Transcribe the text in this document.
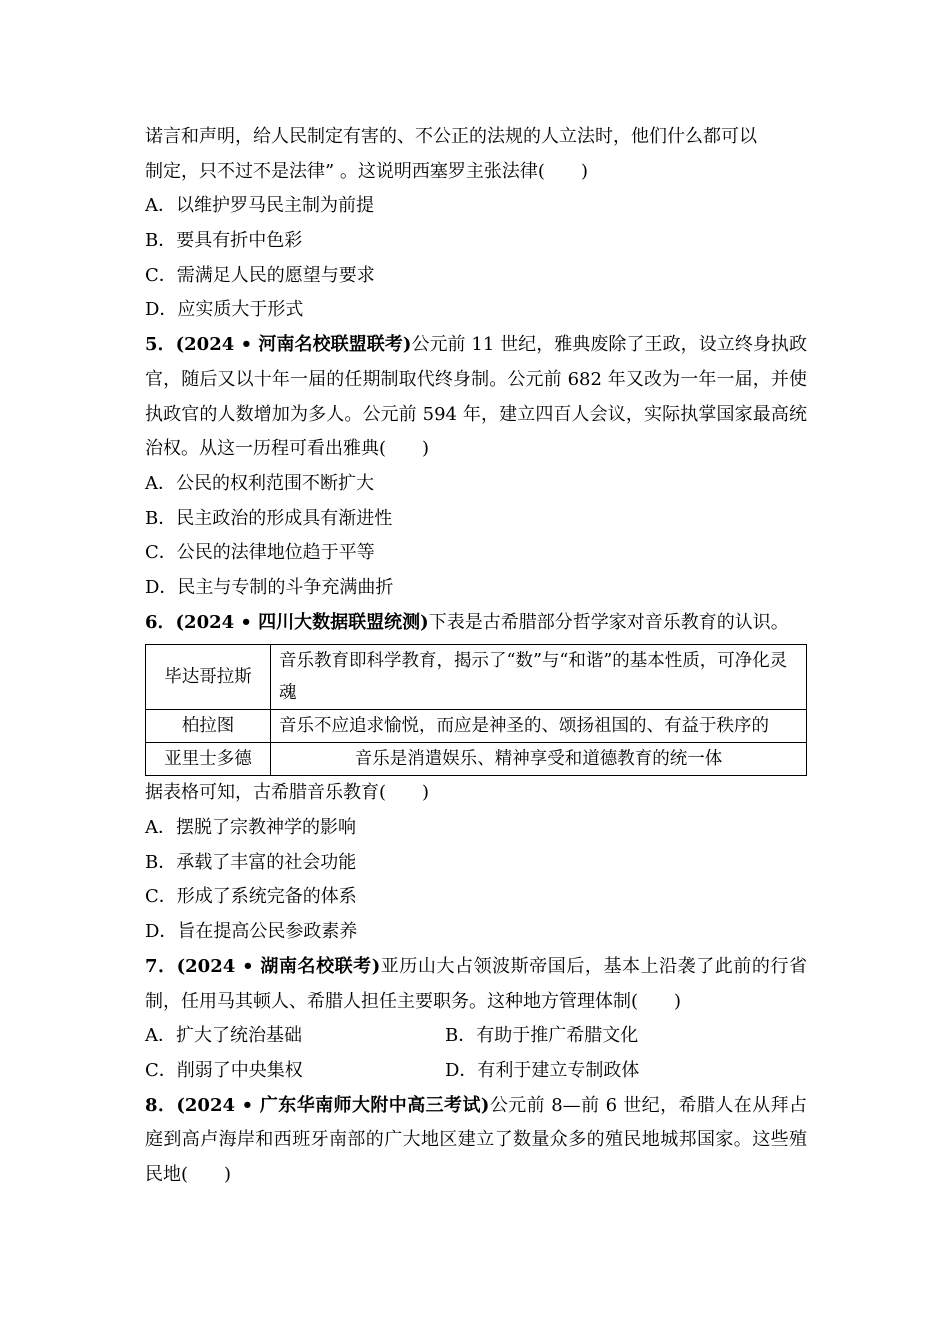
诺言和声明，给人民制定有害的、不公正的法规的人立法时，他们什么都可以
制定，只不过不是法律” 。这说明西塞罗主张法律(　　)
A．以维护罗马民主制为前提
B．要具有折中色彩
C．需满足人民的愿望与要求
D．应实质大于形式
5．(2024 • 河南名校联盟联考)公元前 11 世纪，雅典废除了王政，设立终身执政官，随后又以十年一届的任期制取代终身制。公元前 682 年又改为一年一届，并使执政官的人数增加为多人。公元前 594 年，建立四百人会议，实际执掌国家最高统治权。从这一历程可看出雅典(　　)
A．公民的权利范围不断扩大
B．民主政治的形成具有渐进性
C．公民的法律地位趋于平等
D．民主与专制的斗争充满曲折
6．(2024 • 四川大数据联盟统测)下表是古希腊部分哲学家对音乐教育的认识。
毕达哥拉斯	音乐教育即科学教育，揭示了“数”与“和谐”的基本性质，可净化灵魂
柏拉图	音乐不应追求愉悦，而应是神圣的、颂扬祖国的、有益于秩序的
亚里士多德	音乐是消遣娱乐、精神享受和道德教育的统一体
据表格可知，古希腊音乐教育(　　)
A．摆脱了宗教神学的影响
B．承载了丰富的社会功能
C．形成了系统完备的体系
D．旨在提高公民参政素养
7．(2024 • 湖南名校联考)亚历山大占领波斯帝国后，基本上沿袭了此前的行省制，任用马其顿人、希腊人担任主要职务。这种地方管理体制(　　)
A．扩大了统治基础	B．有助于推广希腊文化
C．削弱了中央集权	D．有利于建立专制政体
8．(2024 • 广东华南师大附中高三考试)公元前 8—前 6 世纪，希腊人在从拜占庭到高卢海岸和西班牙南部的广大地区建立了数量众多的殖民地城邦国家。这些殖民地(　　)
